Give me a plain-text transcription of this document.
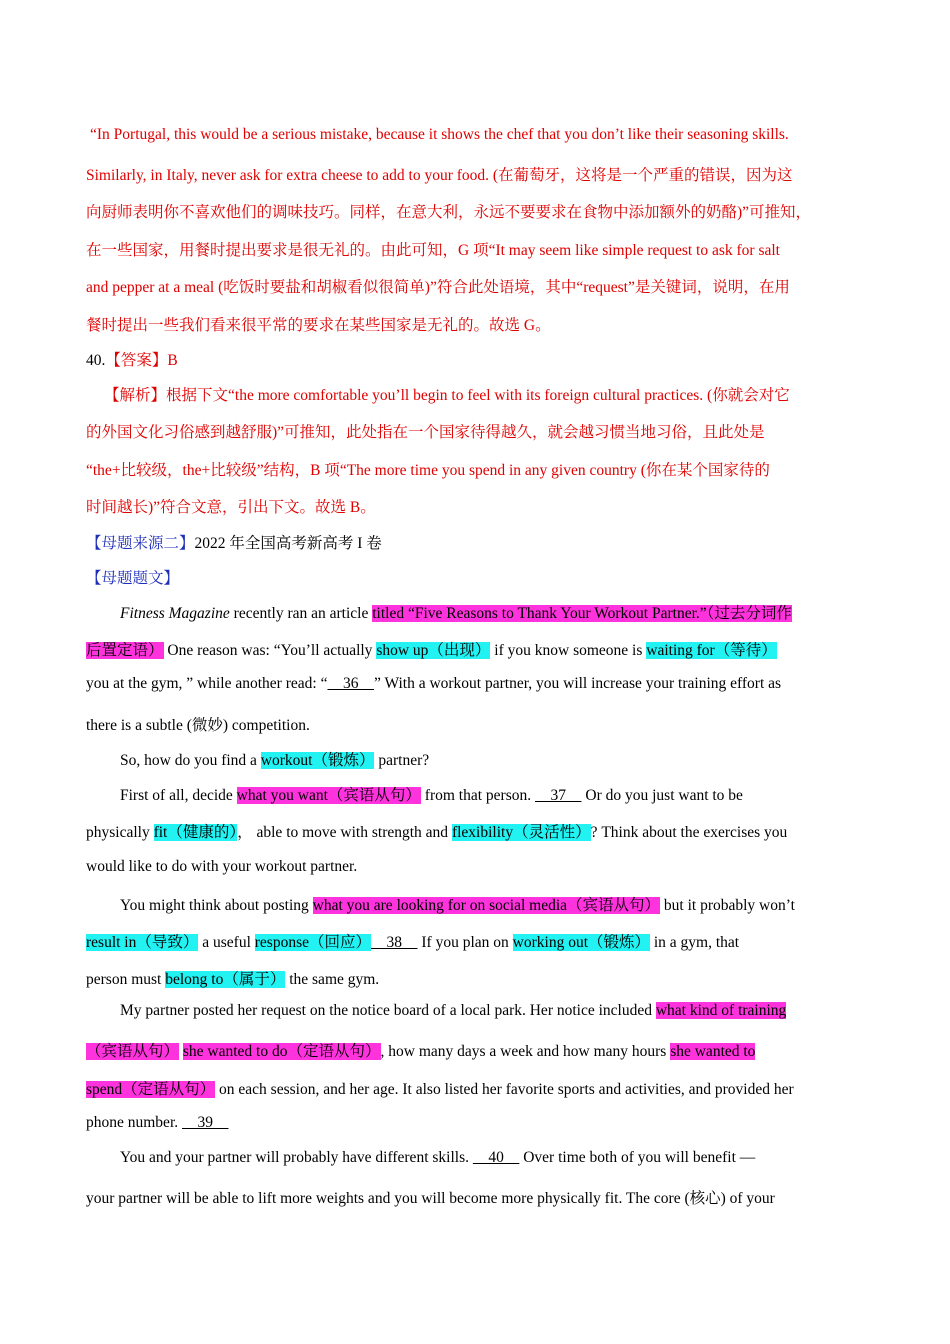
“In Portugal, this would be a serious mistake, because it shows the chef that you don’t like their seasoning skills.
Similarly, in Italy, never ask for extra cheese to add to your food. (在葡萄牙，这将是一个严重的错误，因为这
向厨师表明你不喜欢他们的调味技巧。同样，在意大利，永远不要要求在食物中添加额外的奶酪)”可推知，
在一些国家，用餐时提出要求是很无礼的。由此可知，G 项“It may seem like simple request to ask for salt
and pepper at a meal (吃饭时要盐和胡椒看似很简单)”符合此处语境，其中“request”是关键词，说明，在用
餐时提出一些我们看来很平常的要求在某些国家是无礼的。故选 G。
40.【答案】B
【解析】根据下文“the more comfortable you’ll begin to feel with its foreign cultural practices. (你就会对它
的外国文化习俗感到越舒服)”可推知，此处指在一个国家待得越久，就会越习惯当地习俗，且此处是
“the+比较级，the+比较级”结构，B 项“The more time you spend in any given country (你在某个国家待的
时间越长)”符合文意，引出下文。故选 B。
【母题来源二】2022 年全国高考新高考 I 卷
【母题题文】
Fitness Magazine recently ran an article titled “Five Reasons to Thank Your Workout Partner.”（过去分词作
后置定语） One reason was: “You’ll actually show up（出现） if you know someone is waiting for（等待）
you at the gym, ” while another read: “    36    ” With a workout partner, you will increase your training effort as
there is a subtle (微妙) competition.
So, how do you find a workout（锻炼） partner?
First of all, decide what you want（宾语从句） from that person.     37     Or do you just want to be
physically fit（健康的）， able to move with strength and flexibility（灵活性）? Think about the exercises you
would like to do with your workout partner.
You might think about posting what you are looking for on social media（宾语从句） but it probably won’t
result in（导致） a useful response（回应）    38     If you plan on working out（锻炼） in a gym, that
person must belong to（属于） the same gym.
My partner posted her request on the notice board of a local park. Her notice included what kind of training
（宾语从句） she wanted to do（定语从句）, how many days a week and how many hours she wanted to
spend（定语从句） on each session, and her age. It also listed her favorite sports and activities, and provided her
phone number.     39
You and your partner will probably have different skills.     40     Over time both of you will benefit —
your partner will be able to lift more weights and you will become more physically fit. The core (核心) of your
